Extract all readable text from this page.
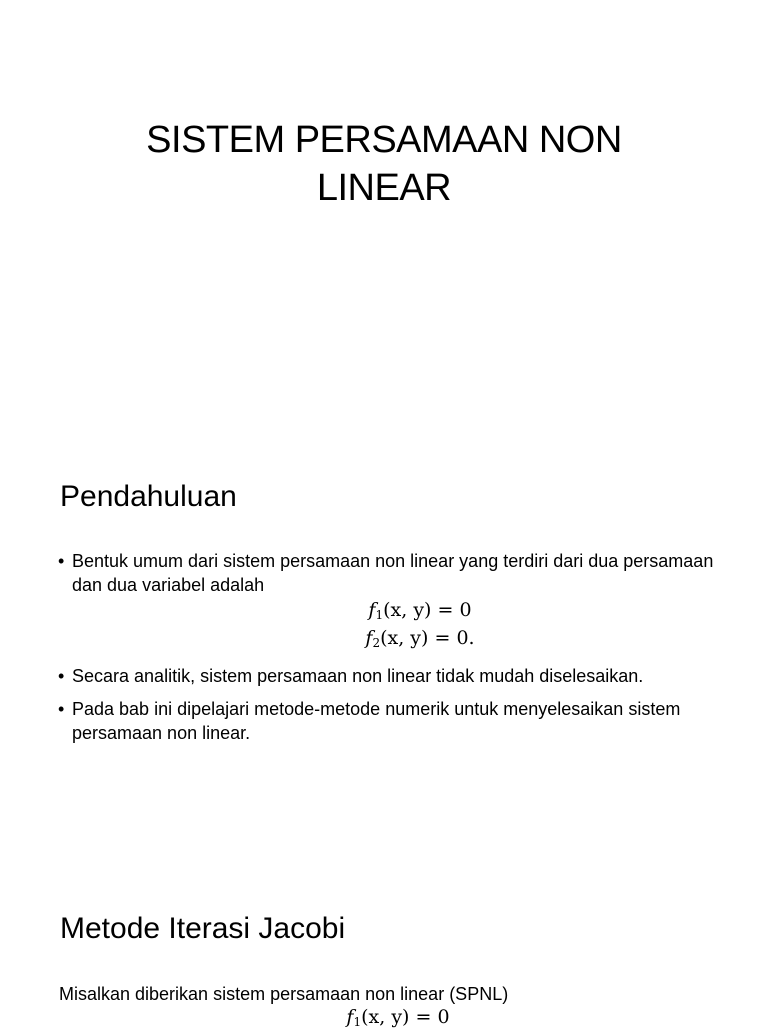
SISTEM PERSAMAAN NON
LINEAR
Pendahuluan
• Bentuk umum dari sistem persamaan non linear yang terdiri dari dua persamaan dan dua variabel adalah
$f_1(x$, y) = 0
$f_2(x$, y) = 0.
• Secara analitik, sistem persamaan non linear tidak mudah diselesaikan.
• Pada bab ini dipelajari metode-metode numerik untuk menyelesaikan sistem persamaan non linear.
Metode Iterasi Jacobi

Misalkan diberikan sistem persamaan non linear (SPNL)

$f_1(x$, y) = 0
